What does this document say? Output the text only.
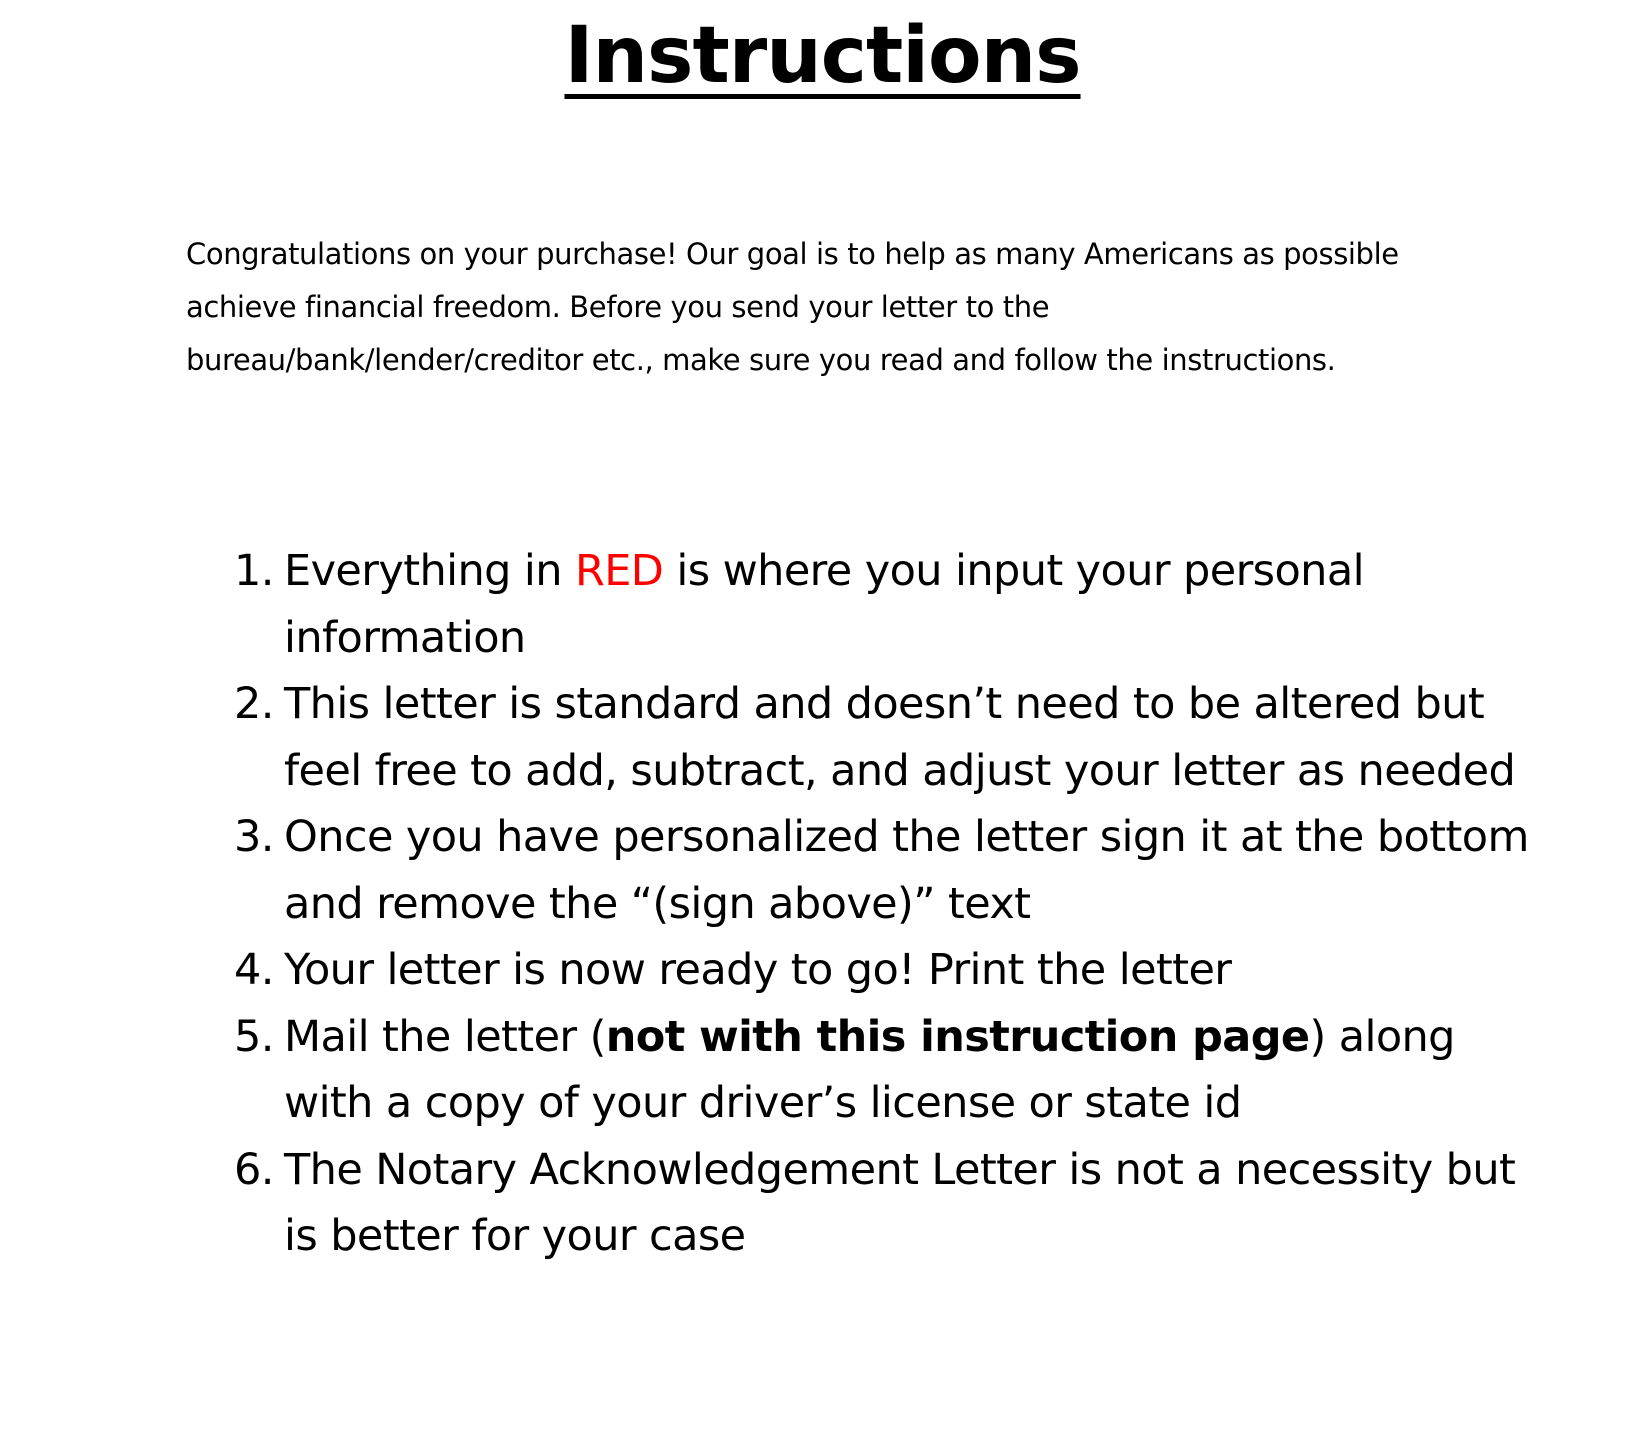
Instructions

Congratulations on your purchase! Our goal is to help as many Americans as possible achieve financial freedom. Before you send your letter to the bureau/bank/lender/creditor etc., make sure you read and follow the instructions.

1. Everything in RED is where you input your personal information
2. This letter is standard and doesn’t need to be altered but feel free to add, subtract, and adjust your letter as needed
3. Once you have personalized the letter sign it at the bottom and remove the “(sign above)” text
4. Your letter is now ready to go! Print the letter
5. Mail the letter (not with this instruction page) along with a copy of your driver’s license or state id
6. The Notary Acknowledgement Letter is not a necessity but is better for your case
